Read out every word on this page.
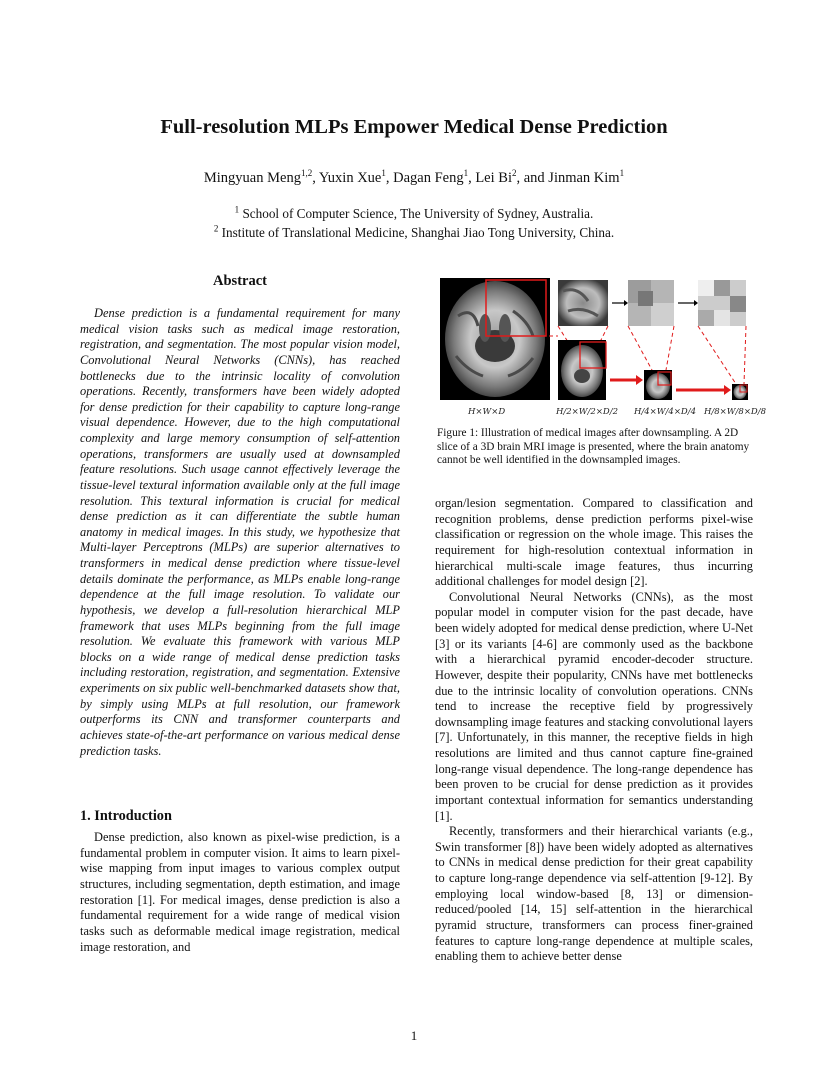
Full-resolution MLPs Empower Medical Dense Prediction
Mingyuan Meng$^{1,2}$, Yuxin Xue$^1$, Dagan Feng$^1$, Lei Bi$^2$, and Jinman Kim$^1$
$^1$ School of Computer Science, The University of Sydney, Australia.
$^2$ Institute of Translational Medicine, Shanghai Jiao Tong University, China.
Abstract

Dense prediction is a fundamental requirement for many medical vision tasks such as medical image restoration, registration, and segmentation. The most popular vision model, Convolutional Neural Networks (CNNs), has reached bottlenecks due to the intrinsic locality of convolution operations. Recently, transformers have been widely adopted for dense prediction for their capability to capture long-range visual dependence. However, due to the high computational complexity and large memory consumption of self-attention operations, transformers are usually used at downsampled feature resolutions. Such usage cannot effectively leverage the tissue-level textural information available only at the full image resolution. This textural information is crucial for medical dense prediction as it can differentiate the subtle human anatomy in medical images. In this study, we hypothesize that Multi-layer Perceptrons (MLPs) are superior alternatives to transformers in medical dense prediction where tissue-level details dominate the performance, as MLPs enable long-range dependence at the full image resolution. To validate our hypothesis, we develop a full-resolution hierarchical MLP framework that uses MLPs beginning from the full image resolution. We evaluate this framework with various MLP blocks on a wide range of medical dense prediction tasks including restoration, registration, and segmentation. Extensive experiments on six public well-benchmarked datasets show that, by simply using MLPs at full resolution, our framework outperforms its CNN and transformer counterparts and achieves state-of-the-art performance on various medical dense prediction tasks.

1. Introduction

Dense prediction, also known as pixel-wise prediction, is a fundamental problem in computer vision. It aims to learn pixel-wise mapping from input images to various complex output structures, including segmentation, depth estimation, and image restoration [1]. For medical images, dense prediction is also a fundamental requirement for a wide range of medical vision tasks such as deformable medical image registration, medical image restoration, and

H×W×D	H/2×W/2×D/2 H/4×W/4×D/4 H/8×W/8×D/8

Figure 1: Illustration of medical images after downsampling. A 2D slice of a 3D brain MRI image is presented, where the brain anatomy cannot be well identified in the downsampled images.

organ/lesion segmentation. Compared to classification and recognition problems, dense prediction performs pixel-wise classification or regression on the whole image. This raises the requirement for high-resolution contextual information in hierarchical multi-scale image features, thus incurring additional challenges for model design [2].

Convolutional Neural Networks (CNNs), as the most popular model in computer vision for the past decade, have been widely adopted for medical dense prediction, where U-Net [3] or its variants [4-6] are commonly used as the backbone with a hierarchical pyramid encoder-decoder structure. However, despite their popularity, CNNs have met bottlenecks due to the intrinsic locality of convolution operations. CNNs tend to increase the receptive field by progressively downsampling image features and stacking convolutional layers [7]. Unfortunately, in this manner, the receptive fields in high resolutions are limited and thus cannot capture fine-grained long-range visual dependence. The long-range dependence has been proven to be crucial for dense prediction as it provides important contextual information for semantics understanding [1].

Recently, transformers and their hierarchical variants (e.g., Swin transformer [8]) have been widely adopted as alternatives to CNNs in medical dense prediction for their great capability to capture long-range dependence via self-attention [9-12]. By employing local window-based [8, 13] or dimension-reduced/pooled [14, 15] self-attention in the hierarchical pyramid structure, transformers can process finer-grained features to capture long-range dependence at multiple scales, enabling them to achieve better dense

1
